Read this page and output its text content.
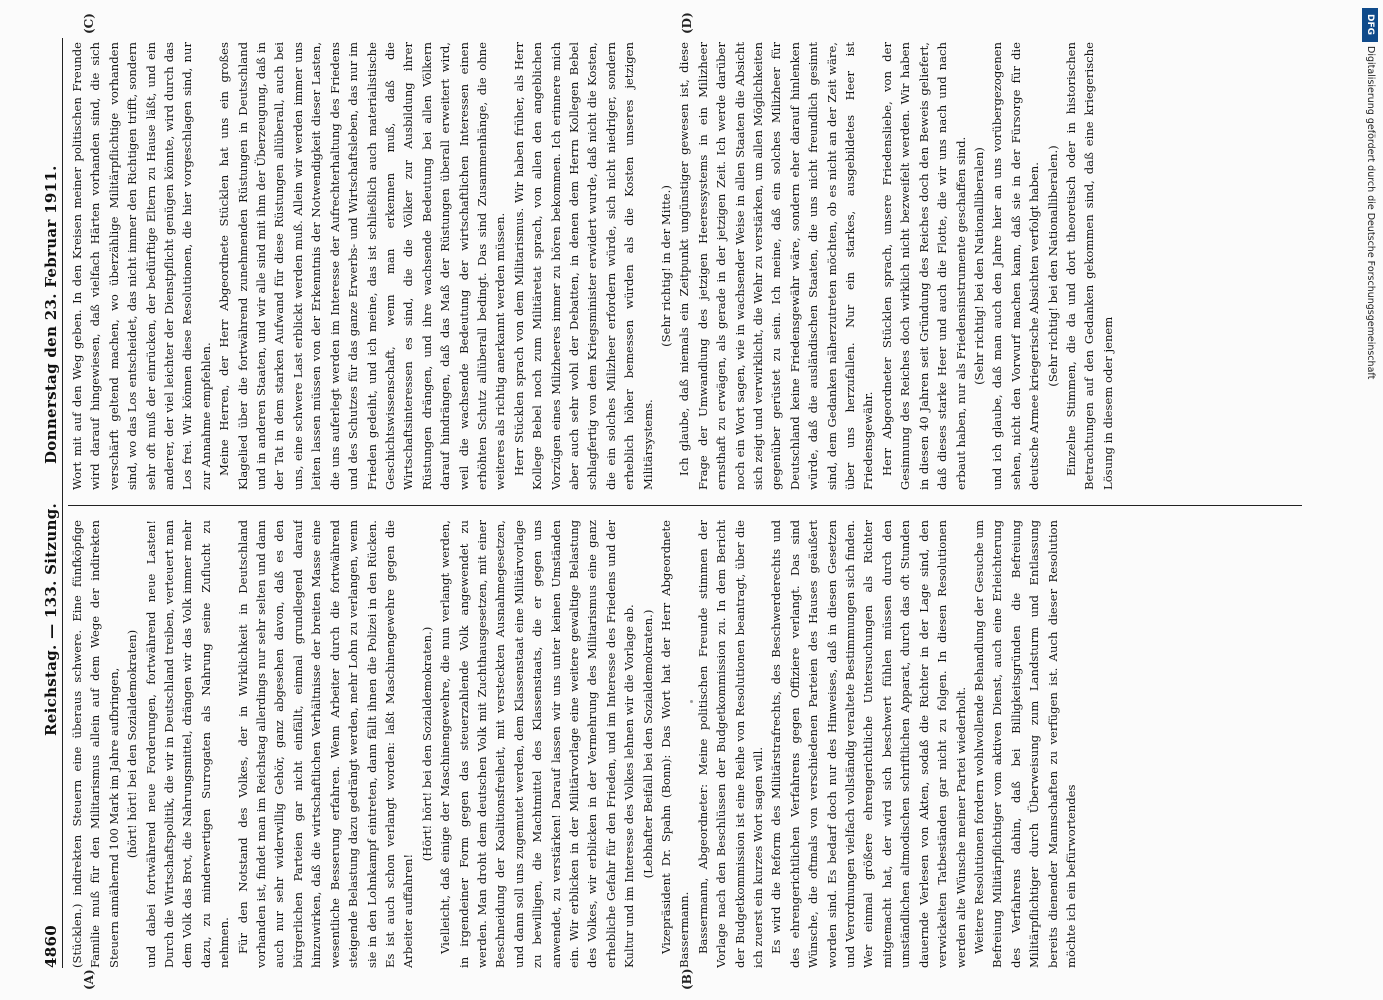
4860
Reichstag. — 133. Sitzung.
Donnerstag den 23. Februar 1911.
(A)	(B)
(C)	(D)

(Stücklen.) indirekten Steuern eine überaus schwere. Eine fünfköpfige Familie muß für den Militarismus allein auf dem Wege der indirekten Steuern annähernd 100 Mark im Jahre aufbringen, (hört! hört! bei den Sozialdemokraten) und dabei fortwährend neue Forderungen, fortwährend neue Lasten! Durch die Wirtschaftspolitik, die wir in Deutschland treiben, verteuert man dem Volk das Brot, die Nahrungsmittel, drängen wir das Volk immer mehr dazu, zu minderwertigen Surrogaten als Nahrung seine Zuflucht zu nehmen. Für den Notstand des Volkes, der in Wirklichkeit in Deutschland vorhanden ist, findet man im Reichstag allerdings nur sehr selten und dann auch nur sehr widerwillig Gehör, ganz abgesehen davon, daß es den bürgerlichen Parteien gar nicht einfällt, einmal grundlegend darauf hinzuwirken, daß die wirtschaftlichen Verhältnisse der breiten Masse eine wesentliche Besserung erfahren. Wenn Arbeiter durch die fortwährend steigende Belastung dazu gedrängt werden, mehr Lohn zu verlangen, wenn sie in den Lohnkampf eintreten, dann fällt ihnen die Polizei in den Rücken. Es ist auch schon verlangt worden: laßt Maschinengewehre gegen die Arbeiter auffahren!

(Hört! hört! bei den Sozialdemokraten.) Vielleicht, daß einige der Maschinengewehre, die nun verlangt werden, in irgendeiner Form gegen das steuerzahlende Volk angewendet zu werden. Man droht dem deutschen Volk mit Zuchthausgesetzen, mit einer Beschneidung der Koalitionsfreiheit, mit versteckten Ausnahmegesetzen, und dann soll uns zugemutet werden, dem Klassenstaat eine Militärvorlage zu bewilligen, die Machtmittel des Klassenstaats, die er gegen uns anwendet, zu verstärken! Darauf lassen wir uns unter keinen Umständen ein. Wir erblicken in der Militärvorlage eine weitere gewaltige Belastung des Volkes, wir erblicken in der Vermehrung des Militarismus eine ganz erhebliche Gefahr für den Frieden, und im Interesse des Friedens und der Kultur und im Interesse des Volkes lehnen wir die Vorlage ab. (Lebhafter Beifall bei den Sozialdemokraten.) Vizepräsident Dr. Spahn (Bonn): Das Wort hat der Herr Abgeordnete Bassermann. Bassermann, Abgeordneter: Meine politischen Freunde stimmen der Vorlage nach den Beschlüssen der Budgetkommission zu. In dem Bericht der Budgetkommission ist eine Reihe von Resolutionen beantragt, über die ich zuerst ein kurzes Wort sagen will. Es wird die Reform des Militärstrafrechts, des Beschwerderechts und des ehrengerichtlichen Verfahrens gegen Offiziere verlangt. Das sind Wünsche, die oftmals von verschiedenen Parteien des Hauses geäußert worden sind. Es bedarf doch nur des Hinweises, daß in diesen Gesetzen und Verordnungen vielfach vollständig veraltete Bestimmungen sich finden. Wer einmal größere ehrengerichtliche Untersuchungen als Richter mitgemacht hat, der wird sich beschwert fühlen müssen durch den umständlichen altmodischen schriftlichen Apparat, durch das oft Stunden dauernde Verlesen von Akten, sodaß die Richter in der Lage sind, den verwickelten Tatbeständen gar nicht zu folgen. In diesen Resolutionen werden alte Wünsche meiner Partei wiederholt. Weitere Resolutionen fordern wohlwollende Behandlung der Gesuche um Befreiung Militärpflichtiger vom aktiven Dienst, auch eine Erleichterung des Verfahrens dahin, daß bei Billigkeitsgründen die Befreiung Militärpflichtiger durch Überweisung zum Landsturm und Entlassung bereits dienender Mannschaften zu verfügen ist. Auch dieser Resolution möchte ich ein befürwortendes

Wort mit auf den Weg geben. In den Kreisen meiner politischen Freunde wird darauf hingewiesen, daß vielfach Härten vorhanden sind, die sich verschärft geltend machen, wo überzählige Militärpflichtige vorhanden sind, wo das Los entscheidet, das nicht immer den Richtigen trifft, sondern sehr oft muß der einrücken, der bedürftige Eltern zu Hause läßt, und ein anderer, der viel leichter der Dienstpflicht genügen könnte, wird durch das Los frei. Wir können diese Resolutionen, die hier vorgeschlagen sind, nur zur Annahme empfehlen. Meine Herren, der Herr Abgeordnete Stücklen hat uns ein großes Klagelied über die fortwährend zunehmenden Rüstungen in Deutschland und in anderen Staaten, und wir alle sind mit ihm der Überzeugung, daß in der Tat in dem starken Aufwand für diese Rüstungen allüberall, auch bei uns, eine schwere Last erblickt werden muß. Allein wir werden immer uns leiten lassen müssen von der Erkenntnis der Notwendigkeit dieser Lasten, die uns auferlegt werden im Interesse der Aufrechterhaltung des Friedens und des Schutzes für das ganze Erwerbs- und Wirtschaftsleben, das nur im Frieden gedeiht, und ich meine, das ist schließlich auch materialistische Geschichtswissenschaft, wenn man erkennen muß, daß die Wirtschaftsinteressen es sind, die die Völker zur Ausbildung ihrer Rüstungen drängen, und ihre wachsende Bedeutung bei allen Völkern darauf hindrängen, daß das Maß der Rüstungen überall erweitert wird, weil die wachsende Bedeutung der wirtschaftlichen Interessen einen erhöhten Schutz allüberall bedingt. Das sind Zusammenhänge, die ohne weiteres als richtig anerkannt werden müssen. Herr Stücklen sprach von dem Militarismus. Wir haben früher, als Herr Kollege Bebel noch zum Militäretat sprach, von allen den angeblichen Vorzügen eines Milizheeres immer zu hören bekommen. Ich erinnere mich aber auch sehr wohl der Debatten, in denen dem Herrn Kollegen Bebel schlagfertig von dem Kriegsminister erwidert wurde, daß nicht die Kosten, die ein solches Milizheer erfordern würde, sich nicht niedriger, sondern erheblich höher bemessen würden als die Kosten unseres jetzigen Militärsystems.

(Sehr richtig! in der Mitte.) Ich glaube, daß niemals ein Zeitpunkt ungünstiger gewesen ist, diese Frage der Umwandlung des jetzigen Heeressystems in ein Milizheer ernsthaft zu erwägen, als gerade in der jetzigen Zeit. Ich werde darüber noch ein Wort sagen, wie in wachsender Weise in allen Staaten die Absicht sich zeigt und verwirklicht, die Wehr zu verstärken, um allen Möglichkeiten gegenüber gerüstet zu sein. Ich meine, daß ein solches Milizheer für Deutschland keine Friedensgewähr wäre, sondern eher darauf hinlenken würde, daß die ausländischen Staaten, die uns nicht freundlich gesinnt sind, dem Gedanken näherzutreten möchten, ob es nicht an der Zeit wäre, über uns herzufallen. Nur ein starkes, ausgebildetes Heer ist Friedensgewähr. Herr Abgeordneter Stücklen sprach, unsere Friedensliebe, von der Gesinnung des Reiches doch wirklich nicht bezweifelt werden. Wir haben in diesen 40 Jahren seit Gründung des Reiches doch den Beweis geliefert, daß dieses starke Heer und auch die Flotte, die wir uns nach und nach erbaut haben, nur als Friedensinstrumente geschaffen sind. (Sehr richtig! bei den Nationalliberalen) und ich glaube, daß man auch den Jahre hier an uns vorübergezogenen sehen, nicht den Vorwurf machen kann, daß sie in der Fürsorge für die deutsche Armee kriegerische Absichten verfolgt haben. (Sehr richtig! bei den Nationalliberalen.) Einzelne Stimmen, die da und dort theoretisch oder in historischen Betrachtungen auf den Gedanken gekommen sind, daß eine kriegerische Lösung in diesem oder jenem

DFG
Digitalisierung gefördert durch die Deutsche Forschungsgemeinschaft
